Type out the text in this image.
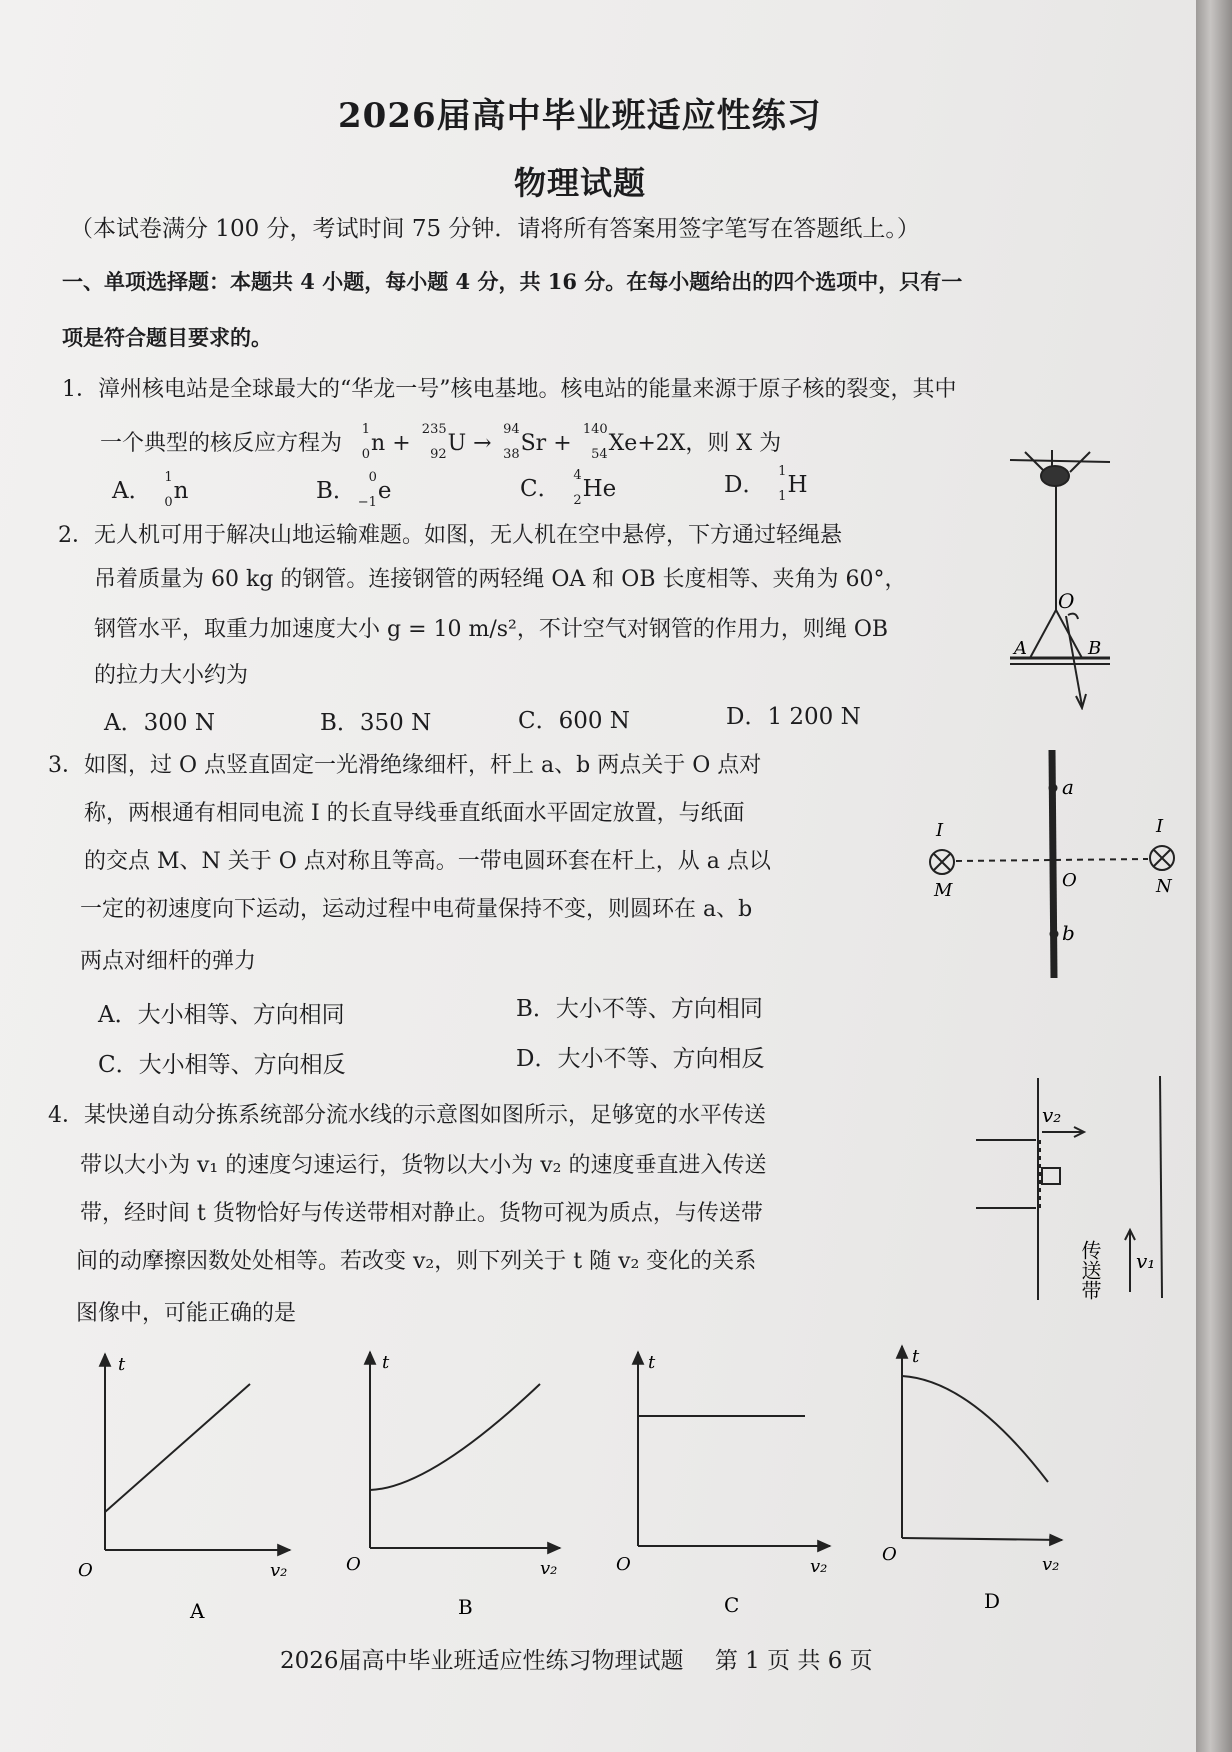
2026届高中毕业班适应性练习
物理试题
（本试卷满分 100 分，考试时间 75 分钟．请将所有答案用签字笔写在答题纸上。）
一、单项选择题：本题共 4 小题，每小题 4 分，共 16 分。在每小题给出的四个选项中，只有一
项是符合题目要求的。
1．漳州核电站是全球最大的“华龙一号”核电基地。核电站的能量来源于原子核的裂变，其中
一个典型的核反应方程为
1
0 n +
235
92 U →
94
38 Sr +
140
54 Xe+2X，则 X 为
A．
1
0 n	B．
0
−1 e	C．
4
2 He	D．
1
1 H
2．无人机可用于解决山地运输难题。如图，无人机在空中悬停，下方通过轻绳悬
吊着质量为 60 kg 的钢管。连接钢管的两轻绳 OA 和 OB 长度相等、夹角为 60°，
钢管水平，取重力加速度大小 g = 10 m/s²，不计空气对钢管的作用力，则绳 OB
的拉力大小约为
A．300 N	B．350 N	C．600 N	D．1 200 N
O
A	B
3．如图，过 O 点竖直固定一光滑绝缘细杆，杆上 a、b 两点关于 O 点对
称，两根通有相同电流 I 的长直导线垂直纸面水平固定放置，与纸面
的交点 M、N 关于 O 点对称且等高。一带电圆环套在杆上，从 a 点以
一定的初速度向下运动，运动过程中电荷量保持不变，则圆环在 a、b
两点对细杆的弹力
A．大小相等、方向相同	B．大小不等、方向相同
C．大小相等、方向相反	D．大小不等、方向相反
a
b
O
I	I
M	N
4．某快递自动分拣系统部分流水线的示意图如图所示，足够宽的水平传送
带以大小为 v₁ 的速度匀速运行，货物以大小为 v₂ 的速度垂直进入传送
带，经时间 t 货物恰好与传送带相对静止。货物可视为质点，与传送带
间的动摩擦因数处处相等。若改变 v₂，则下列关于 t 随 v₂ 变化的关系
图像中，可能正确的是
v₂
v₁
传送带
t
v₂
O
A
t
v₂
O
B
t
v₂
O
C
t
v₂
O
D
2026届高中毕业班适应性练习物理试题 第 1 页 共 6 页
